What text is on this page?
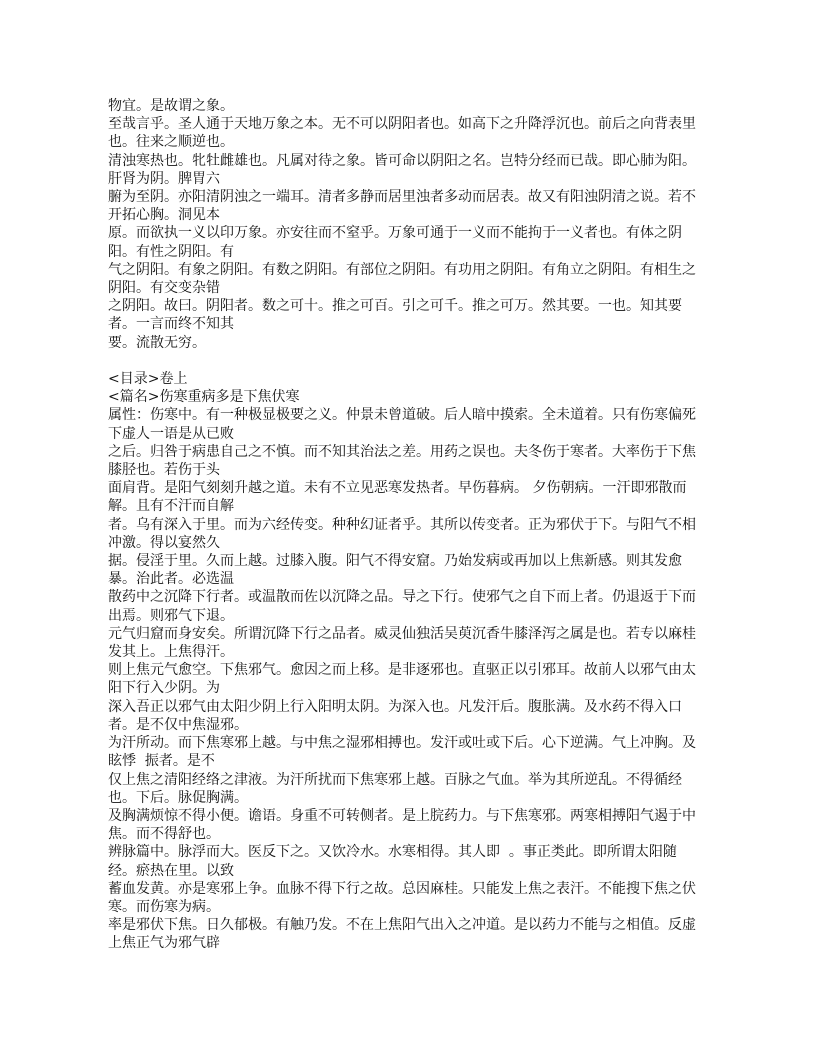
物宜。是故谓之象。

至哉言乎。圣人通于天地万象之本。无不可以阴阳者也。如高下之升降浮沉也。前后之向背表里也。往来之顺逆也。

清浊寒热也。牝牡雌雄也。凡属对待之象。皆可命以阴阳之名。岂特分经而已哉。即心肺为阳。肝肾为阴。脾胃六

腑为至阴。亦阳清阴浊之一端耳。清者多静而居里浊者多动而居表。故又有阳浊阴清之说。若不开拓心胸。洞见本

原。而欲执一义以印万象。亦安往而不窒乎。万象可通于一义而不能拘于一义者也。有体之阴阳。有性之阴阳。有

气之阴阳。有象之阴阳。有数之阴阳。有部位之阴阳。有功用之阴阳。有角立之阴阳。有相生之阴阳。有交变杂错

之阴阳。故曰。阴阳者。数之可十。推之可百。引之可千。推之可万。然其要。一也。知其要者。一言而终不知其

要。流散无穷。

<目录>卷上

<篇名>伤寒重病多是下焦伏寒

属性：伤寒中。有一种极显极要之义。仲景未曾道破。后人暗中摸索。全未道着。只有伤寒偏死下虚人一语是从已败

之后。归咎于病患自己之不慎。而不知其治法之差。用药之误也。夫冬伤于寒者。大率伤于下焦膝胫也。若伤于头

面肩背。是阳气刻刻升越之道。未有不立见恶寒发热者。早伤暮病。 夕伤朝病。一汗即邪散而解。且有不汗而自解

者。乌有深入于里。而为六经传变。种种幻证者乎。其所以传变者。正为邪伏于下。与阳气不相冲激。得以宴然久

据。侵淫于里。久而上越。过膝入腹。阳气不得安窟。乃始发病或再加以上焦新感。则其发愈暴。治此者。必选温

散药中之沉降下行者。或温散而佐以沉降之品。导之下行。使邪气之自下而上者。仍退返于下而出焉。则邪气下退。

元气归窟而身安矣。所谓沉降下行之品者。威灵仙独活吴萸沉香牛膝泽泻之属是也。若专以麻桂发其上。上焦得汗。

则上焦元气愈空。下焦邪气。愈因之而上移。是非逐邪也。直驱正以引邪耳。故前人以邪气由太阳下行入少阴。为

深入吾正以邪气由太阳少阴上行入阳明太阴。为深入也。凡发汗后。腹胀满。及水药不得入口者。是不仅中焦湿邪。

为汗所动。而下焦寒邪上越。与中焦之湿邪相搏也。发汗或吐或下后。心下逆满。气上冲胸。及眩悸  振者。是不

仅上焦之清阳经络之津液。为汗所扰而下焦寒邪上越。百脉之气血。举为其所逆乱。不得循经也。下后。脉促胸满。

及胸满烦惊不得小便。谵语。身重不可转侧者。是上脘药力。与下焦寒邪。两寒相搏阳气遏于中焦。而不得舒也。

辨脉篇中。脉浮而大。医反下之。又饮冷水。水寒相得。其人即  。事正类此。即所谓太阳随经。瘀热在里。以致

蓄血发黄。亦是寒邪上争。血脉不得下行之故。总因麻桂。只能发上焦之表汗。不能搜下焦之伏寒。而伤寒为病。

率是邪伏下焦。日久郁极。有触乃发。不在上焦阳气出入之冲道。是以药力不能与之相值。反虚上焦正气为邪气辟
